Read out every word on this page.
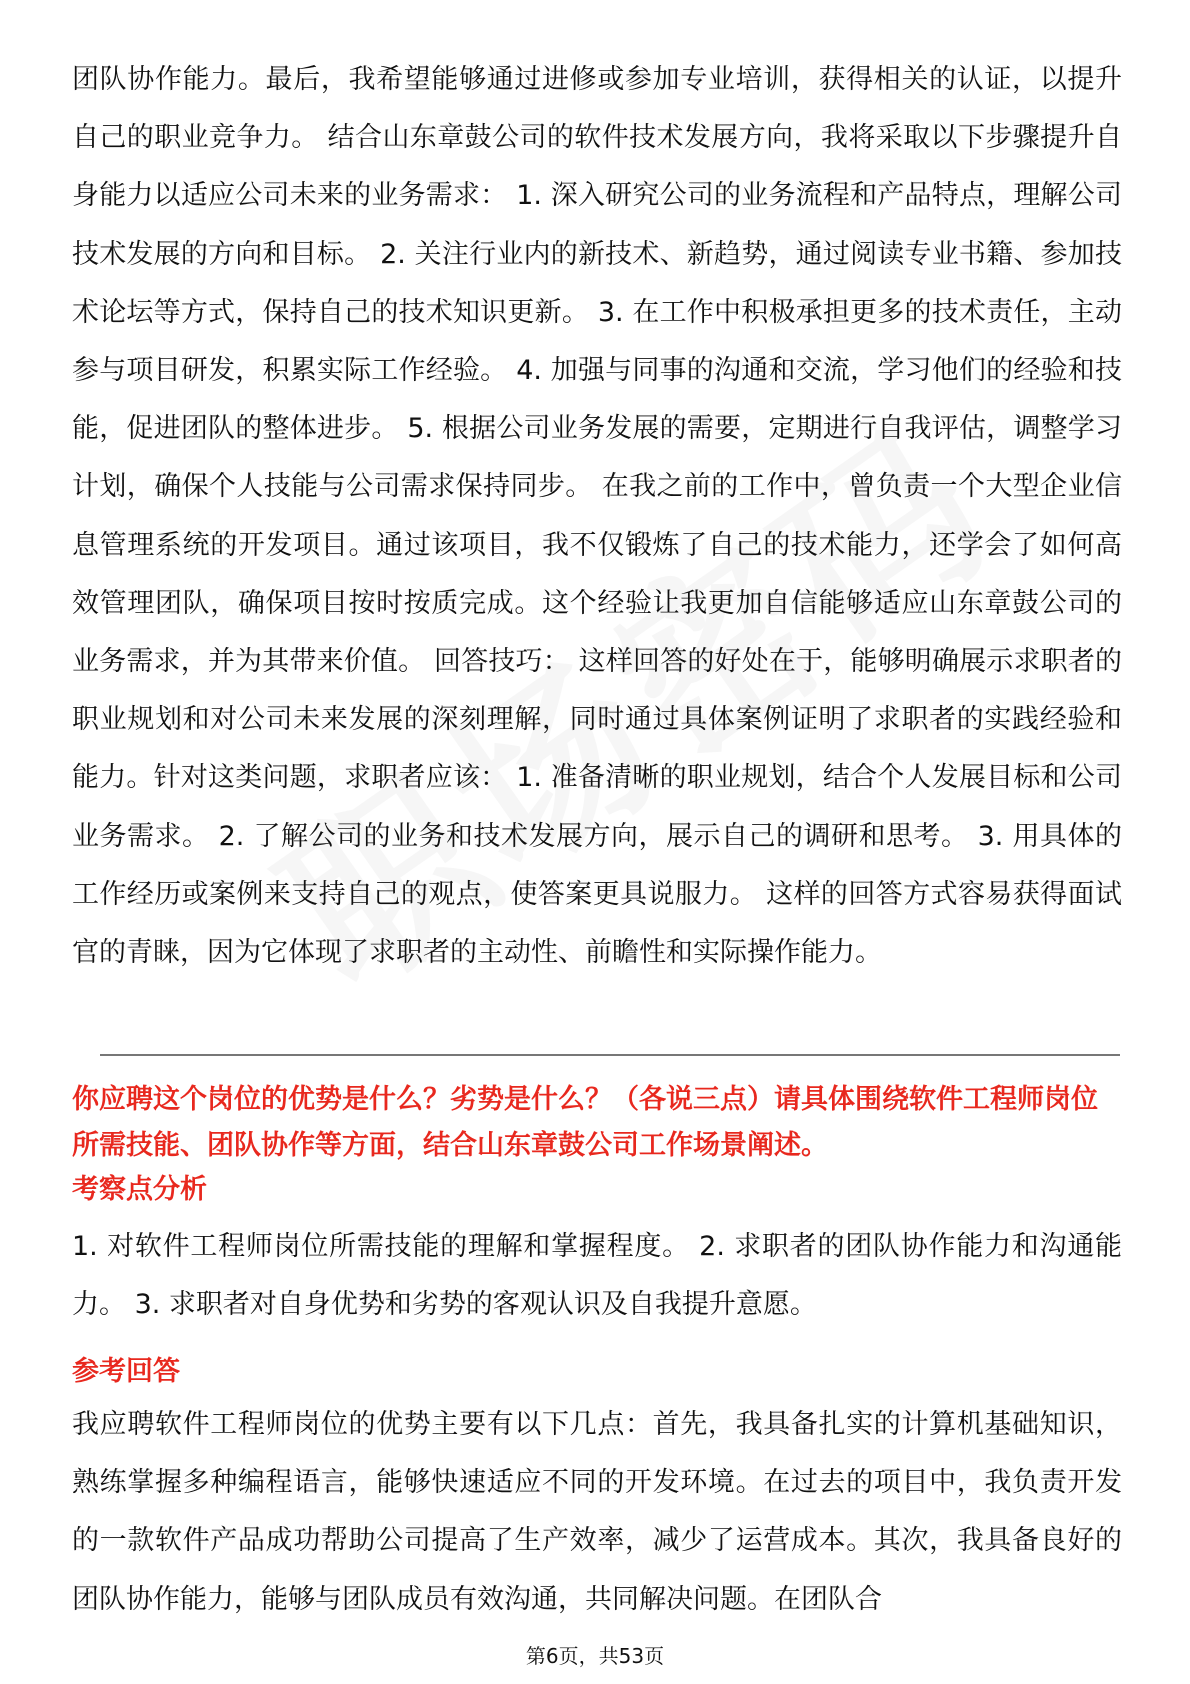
团队协作能力。最后，我希望能够通过进修或参加专业培训，获得相关的认证，以提升自己的职业竞争力。 结合山东章鼓公司的软件技术发展方向，我将采取以下步骤提升自身能力以适应公司未来的业务需求： 1. 深入研究公司的业务流程和产品特点，理解公司技术发展的方向和目标。 2. 关注行业内的新技术、新趋势，通过阅读专业书籍、参加技术论坛等方式，保持自己的技术知识更新。 3. 在工作中积极承担更多的技术责任，主动参与项目研发，积累实际工作经验。 4. 加强与同事的沟通和交流，学习他们的经验和技能，促进团队的整体进步。 5. 根据公司业务发展的需要，定期进行自我评估，调整学习计划，确保个人技能与公司需求保持同步。 在我之前的工作中，曾负责一个大型企业信息管理系统的开发项目。通过该项目，我不仅锻炼了自己的技术能力，还学会了如何高效管理团队，确保项目按时按质完成。这个经验让我更加自信能够适应山东章鼓公司的业务需求，并为其带来价值。 回答技巧： 这样回答的好处在于，能够明确展示求职者的职业规划和对公司未来发展的深刻理解，同时通过具体案例证明了求职者的实践经验和能力。针对这类问题，求职者应该： 1. 准备清晰的职业规划，结合个人发展目标和公司业务需求。 2. 了解公司的业务和技术发展方向，展示自己的调研和思考。 3. 用具体的工作经历或案例来支持自己的观点，使答案更具说服力。 这样的回答方式容易获得面试官的青睐，因为它体现了求职者的主动性、前瞻性和实际操作能力。

你应聘这个岗位的优势是什么？劣势是什么？（各说三点）请具体围绕软件工程师岗位所需技能、团队协作等方面，结合山东章鼓公司工作场景阐述。

考察点分析

1. 对软件工程师岗位所需技能的理解和掌握程度。 2. 求职者的团队协作能力和沟通能力。 3. 求职者对自身优势和劣势的客观认识及自我提升意愿。

参考回答

我应聘软件工程师岗位的优势主要有以下几点：首先，我具备扎实的计算机基础知识，熟练掌握多种编程语言，能够快速适应不同的开发环境。在过去的项目中，我负责开发的一款软件产品成功帮助公司提高了生产效率，减少了运营成本。其次，我具备良好的团队协作能力，能够与团队成员有效沟通，共同解决问题。在团队合

第6页，共53页
